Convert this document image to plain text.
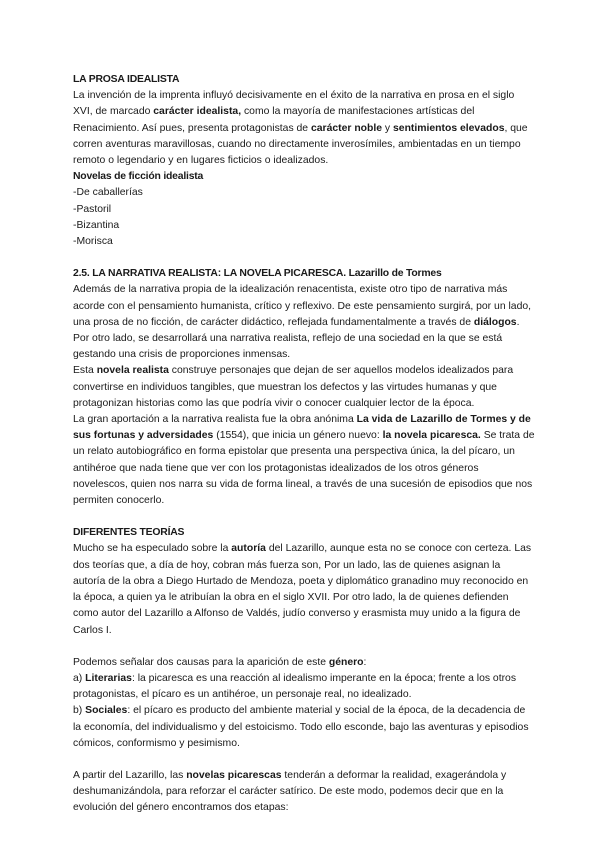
LA PROSA IDEALISTA

La invención de la imprenta influyó decisivamente en el éxito de la narrativa en prosa en el siglo XVI, de marcado carácter idealista, como la mayoría de manifestaciones artísticas del Renacimiento. Así pues, presenta protagonistas de carácter noble y sentimientos elevados, que corren aventuras maravillosas, cuando no directamente inverosímiles, ambientadas en un tiempo remoto o legendario y en lugares ficticios o idealizados.

Novelas de ficción idealista

-De caballerías

-Pastoril

-Bizantina

-Morisca

2.5. LA NARRATIVA REALISTA: LA NOVELA PICARESCA. Lazarillo de Tormes

Además de la narrativa propia de la idealización renacentista, existe otro tipo de narrativa más acorde con el pensamiento humanista, crítico y reflexivo. De este pensamiento surgirá, por un lado, una prosa de no ficción, de carácter didáctico, reflejada fundamentalmente a través de diálogos.

Por otro lado, se desarrollará una narrativa realista, reflejo de una sociedad en la que se está gestando una crisis de proporciones inmensas.

Esta novela realista construye personajes que dejan de ser aquellos modelos idealizados para convertirse en individuos tangibles, que muestran los defectos y las virtudes humanas y que protagonizan historias como las que podría vivir o conocer cualquier lector de la época.

La gran aportación a la narrativa realista fue la obra anónima La vida de Lazarillo de Tormes y de sus fortunas y adversidades (1554), que inicia un género nuevo: la novela picaresca. Se trata de un relato autobiográfico en forma epistolar que presenta una perspectiva única, la del pícaro, un antihéroe que nada tiene que ver con los protagonistas idealizados de los otros géneros novelescos, quien nos narra su vida de forma lineal, a través de una sucesión de episodios que nos permiten conocerlo.

DIFERENTES TEORÍAS

Mucho se ha especulado sobre la autoría del Lazarillo, aunque esta no se conoce con certeza. Las dos teorías que, a día de hoy, cobran más fuerza son, Por un lado, las de quienes asignan la autoría de la obra a Diego Hurtado de Mendoza, poeta y diplomático granadino muy reconocido en la época, a quien ya le atribuían la obra en el siglo XVII. Por otro lado, la de quienes defienden como autor del Lazarillo a Alfonso de Valdés, judío converso y erasmista muy unido a la figura de Carlos I.

Podemos señalar dos causas para la aparición de este género:

a) Literarias: la picaresca es una reacción al idealismo imperante en la época; frente a los otros protagonistas, el pícaro es un antihéroe, un personaje real, no idealizado.

b) Sociales: el pícaro es producto del ambiente material y social de la época, de la decadencia de la economía, del individualismo y del estoicismo. Todo ello esconde, bajo las aventuras y episodios cómicos, conformismo y pesimismo.

A partir del Lazarillo, las novelas picarescas tenderán a deformar la realidad, exagerándola y deshumanizándola, para reforzar el carácter satírico. De este modo, podemos decir que en la evolución del género encontramos dos etapas:
